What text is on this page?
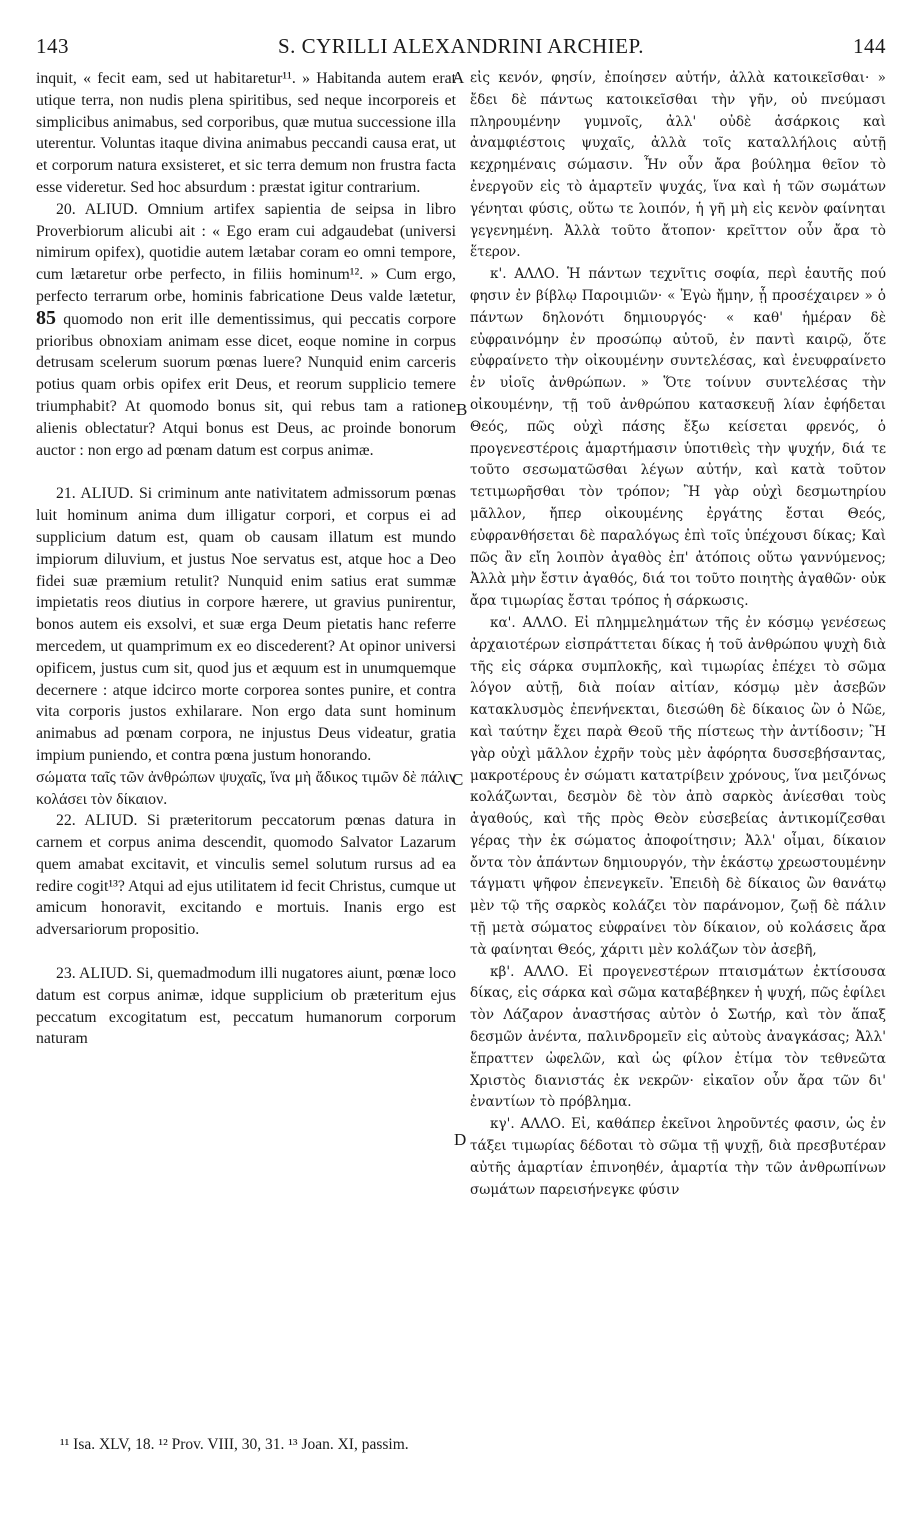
143	S. CYRILLI ALEXANDRINI ARCHIEP.	144
A
B
C
D

inquit, « fecit eam, sed ut habitaretur¹¹. » Habitanda autem erat utique terra, non nudis plena spiritibus, sed neque incorporeis et simplicibus animabus, sed corporibus, quæ mutua successione illa uterentur. Voluntas itaque divina animabus peccandi causa erat, ut et corporum natura exsisteret, et sic terra demum non frustra facta esse videretur. Sed hoc absurdum : præstat igitur contrarium.

20. ALIUD. Omnium artifex sapientia de seipsa in libro Proverbiorum alicubi ait : « Ego eram cui adgaudebat (universi nimirum opifex), quotidie autem lætabar coram eo omni tempore, cum lætaretur orbe perfecto, in filiis hominum¹². » Cum ergo, perfecto terrarum orbe, hominis fabricatione Deus valde lætetur, 85 quomodo non erit ille dementissimus, qui peccatis corpore prioribus obnoxiam animam esse dicet, eoque nomine in corpus detrusam scelerum suorum pœnas luere? Nunquid enim carceris potius quam orbis opifex erit Deus, et reorum supplicio temere triumphabit? At quomodo bonus sit, qui rebus tam a ratione alienis oblectatur? Atqui bonus est Deus, ac proinde bonorum auctor : non ergo ad pœnam datum est corpus animæ.

21. ALIUD. Si criminum ante nativitatem admissorum pœnas luit hominum anima dum illigatur corpori, et corpus ei ad supplicium datum est, quam ob causam illatum est mundo impiorum diluvium, et justus Noe servatus est, atque hoc a Deo fidei suæ præmium retulit? Nunquid enim satius erat summæ impietatis reos diutius in corpore hærere, ut gravius punirentur, bonos autem eis exsolvi, et suæ erga Deum pietatis hanc referre mercedem, ut quamprimum ex eo discederent? At opinor universi opificem, justus cum sit, quod jus et æquum est in unumquemque decernere : atque idcirco morte corporea sontes punire, et contra vita corporis justos exhilarare. Non ergo data sunt hominum animabus ad pœnam corpora, ne injustus Deus videatur, gratia impium puniendo, et contra pœna justum honorando.

σώματα ταῖς τῶν ἀνθρώπων ψυχαῖς, ἵνα μὴ ἄδικος τιμῶν δὲ πάλιν κολάσει τὸν δίκαιον.

22. ALIUD. Si præteritorum peccatorum pœnas datura in carnem et corpus anima descendit, quomodo Salvator Lazarum quem amabat excitavit, et vinculis semel solutum rursus ad ea redire cogit¹³? Atqui ad ejus utilitatem id fecit Christus, cumque ut amicum honoravit, excitando e mortuis. Inanis ergo est adversariorum propositio.

23. ALIUD. Si, quemadmodum illi nugatores aiunt, pœnæ loco datum est corpus animæ, idque supplicium ob præteritum ejus peccatum excogitatum est, peccatum humanorum corporum naturam

εἰς κενόν, φησίν, ἐποίησεν αὐτήν, ἀλλὰ κατοικεῖσθαι· » ἔδει δὲ πάντως κατοικεῖσθαι τὴν γῆν, οὐ πνεύμασι πληρουμένην γυμνοῖς, ἀλλ' οὐδὲ ἀσάρκοις καὶ ἀναμφιέστοις ψυχαῖς, ἀλλὰ τοῖς καταλλήλοις αὐτῇ κεχρημέναις σώμασιν. Ἦν οὖν ἄρα βούλημα θεῖον τὸ ἐνεργοῦν εἰς τὸ ἁμαρτεῖν ψυχάς, ἵνα καὶ ἡ τῶν σωμάτων γένηται φύσις, οὕτω τε λοιπόν, ἡ γῆ μὴ εἰς κενὸν φαίνηται γεγενημένη. Ἀλλὰ τοῦτο ἄτοπον· κρεῖττον οὖν ἄρα τὸ ἕτερον.

κ'. ΑΛΛΟ. Ἡ πάντων τεχνῖτις σοφία, περὶ ἑαυτῆς πού φησιν ἐν βίβλῳ Παροιμιῶν· « Ἐγὼ ἤμην, ᾗ προσέχαιρεν » ὁ πάντων δηλονότι δημιουργός· « καθ' ἡμέραν δὲ εὐφραινόμην ἐν προσώπῳ αὐτοῦ, ἐν παντὶ καιρῷ, ὅτε εὐφραίνετο τὴν οἰκουμένην συντελέσας, καὶ ἐνευφραίνετο ἐν υἱοῖς ἀνθρώπων. » Ὅτε τοίνυν συντελέσας τὴν οἰκουμένην, τῇ τοῦ ἀνθρώπου κατασκευῇ λίαν ἐφήδεται Θεός, πῶς οὐχὶ πάσης ἔξω κείσεται φρενός, ὁ προγενεστέροις ἁμαρτήμασιν ὑποτιθεὶς τὴν ψυχήν, διά τε τοῦτο σεσωματῶσθαι λέγων αὐτήν, καὶ κατὰ τοῦτον τετιμωρῆσθαι τὸν τρόπον; Ἢ γὰρ οὐχὶ δεσμωτηρίου μᾶλλον, ἤπερ οἰκουμένης ἐργάτης ἔσται Θεός, εὐφρανθήσεται δὲ παραλόγως ἐπὶ τοῖς ὑπέχουσι δίκας; Καὶ πῶς ἂν εἴη λοιπὸν ἀγαθὸς ἐπ' ἀτόποις οὕτω γαννύμενος; Ἀλλὰ μὴν ἔστιν ἀγαθός, διά τοι τοῦτο ποιητὴς ἀγαθῶν· οὐκ ἄρα τιμωρίας ἔσται τρόπος ἡ σάρκωσις.

κα'. ΑΛΛΟ. Εἰ πλημμελημάτων τῆς ἐν κόσμῳ γενέσεως ἀρχαιοτέρων εἰσπράττεται δίκας ἡ τοῦ ἀνθρώπου ψυχὴ διὰ τῆς εἰς σάρκα συμπλοκῆς, καὶ τιμωρίας ἐπέχει τὸ σῶμα λόγον αὐτῇ, διὰ ποίαν αἰτίαν, κόσμῳ μὲν ἀσεβῶν κατακλυσμὸς ἐπενήνεκται, διεσώθη δὲ δίκαιος ὢν ὁ Νῶε, καὶ ταύτην ἔχει παρὰ Θεοῦ τῆς πίστεως τὴν ἀντίδοσιν; Ἢ γὰρ οὐχὶ μᾶλλον ἐχρῆν τοὺς μὲν ἀφόρητα δυσσεβήσαντας, μακροτέρους ἐν σώματι κατατρίβειν χρόνους, ἵνα μειζόνως κολάζωνται, δεσμὸν δὲ τὸν ἀπὸ σαρκὸς ἀνίεσθαι τοὺς ἀγαθούς, καὶ τῆς πρὸς Θεὸν εὐσεβείας ἀντικομίζεσθαι γέρας τὴν ἐκ σώματος ἀποφοίτησιν; Ἀλλ' οἶμαι, δίκαιον ὄντα τὸν ἁπάντων δημιουργόν, τὴν ἑκάστῳ χρεωστουμένην τάγματι ψῆφον ἐπενεγκεῖν. Ἐπειδὴ δὲ δίκαιος ὢν θανάτῳ μὲν τῷ τῆς σαρκὸς κολάζει τὸν παράνομον, ζωῇ δὲ πάλιν τῇ μετὰ σώματος εὐφραίνει τὸν δίκαιον, οὐ κολάσεις ἄρα τὰ φαίνηται Θεός, χάριτι μὲν κολάζων τὸν ἀσεβῆ,

κβ'. ΑΛΛΟ. Εἰ προγενεστέρων πταισμάτων ἐκτίσουσα δίκας, εἰς σάρκα καὶ σῶμα καταβέβηκεν ἡ ψυχή, πῶς ἐφίλει τὸν Λάζαρον ἀναστήσας αὐτὸν ὁ Σωτήρ, καὶ τὸν ἅπαξ δεσμῶν ἀνέντα, παλινδρομεῖν εἰς αὐτοὺς ἀναγκάσας; Ἀλλ' ἔπραττεν ὠφελῶν, καὶ ὡς φίλον ἐτίμα τὸν τεθνεῶτα Χριστὸς διανιστάς ἐκ νεκρῶν· εἰκαῖον οὖν ἄρα τῶν δι' ἐναντίων τὸ πρόβλημα.

κγ'. ΑΛΛΟ. Εἰ, καθάπερ ἐκεῖνοι ληροῦντές φασιν, ὡς ἐν τάξει τιμωρίας δέδοται τὸ σῶμα τῇ ψυχῇ, διὰ πρεσβυτέραν αὐτῆς ἁμαρτίαν ἐπινοηθέν, ἁμαρτία τὴν τῶν ἀνθρωπίνων σωμάτων παρεισήνεγκε φύσιν

¹¹ Isa. XLV, 18. ¹² Prov. VIII, 30, 31. ¹³ Joan. XI, passim.
